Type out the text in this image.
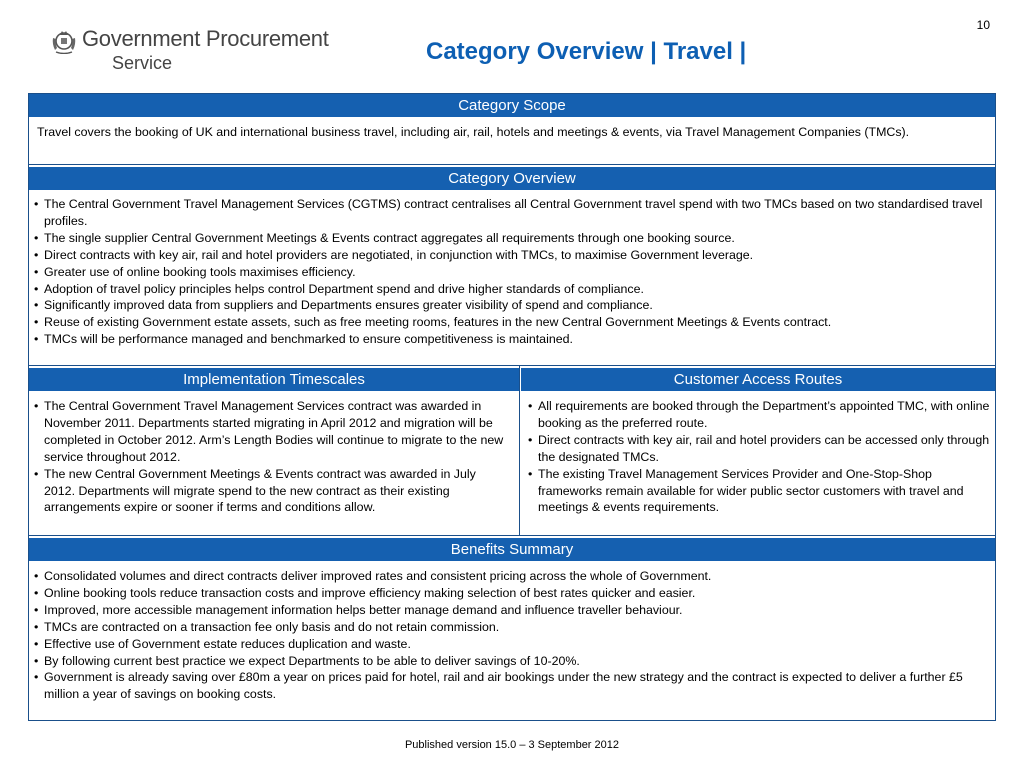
10
Government Procurement
Service	Category Overview | Travel |
Category Scope
Travel covers the booking of UK and international business travel, including air, rail, hotels and meetings & events, via Travel Management Companies (TMCs).
Category Overview
• The Central Government Travel Management Services (CGTMS) contract centralises all Central Government travel spend with two TMCs based on two standardised travel profiles.
• The single supplier Central Government Meetings & Events contract aggregates all requirements through one booking source.
• Direct contracts with key air, rail and hotel providers are negotiated, in conjunction with TMCs, to maximise Government leverage.
• Greater use of online booking tools maximises efficiency.
• Adoption of travel policy principles helps control Department spend and drive higher standards of compliance.
• Significantly improved data from suppliers and Departments ensures greater visibility of spend and compliance.
• Reuse of existing Government estate assets, such as free meeting rooms, features in the new Central Government Meetings & Events contract.
• TMCs will be performance managed and benchmarked to ensure competitiveness is maintained.
Implementation Timescales	Customer Access Routes
• The Central Government Travel Management Services contract was awarded in November 2011. Departments started migrating in April 2012 and migration will be completed in October 2012. Arm’s Length Bodies will continue to migrate to the new service throughout 2012.
• The new Central Government Meetings & Events contract was awarded in July 2012. Departments will migrate spend to the new contract as their existing arrangements expire or sooner if terms and conditions allow.
• All requirements are booked through the Department’s appointed TMC, with online booking as the preferred route.
• Direct contracts with key air, rail and hotel providers can be accessed only through the designated TMCs.
• The existing Travel Management Services Provider and One-Stop-Shop frameworks remain available for wider public sector customers with travel and meetings & events requirements.
Benefits Summary
• Consolidated volumes and direct contracts deliver improved rates and consistent pricing across the whole of Government.
• Online booking tools reduce transaction costs and improve efficiency making selection of best rates quicker and easier.
• Improved, more accessible management information helps better manage demand and influence traveller behaviour.
• TMCs are contracted on a transaction fee only basis and do not retain commission.
• Effective use of Government estate reduces duplication and waste.
• By following current best practice we expect Departments to be able to deliver savings of 10-20%.
• Government is already saving over £80m a year on prices paid for hotel, rail and air bookings under the new strategy and the contract is expected to deliver a further £5 million a year of savings on booking costs.
Published version 15.0 – 3 September 2012
